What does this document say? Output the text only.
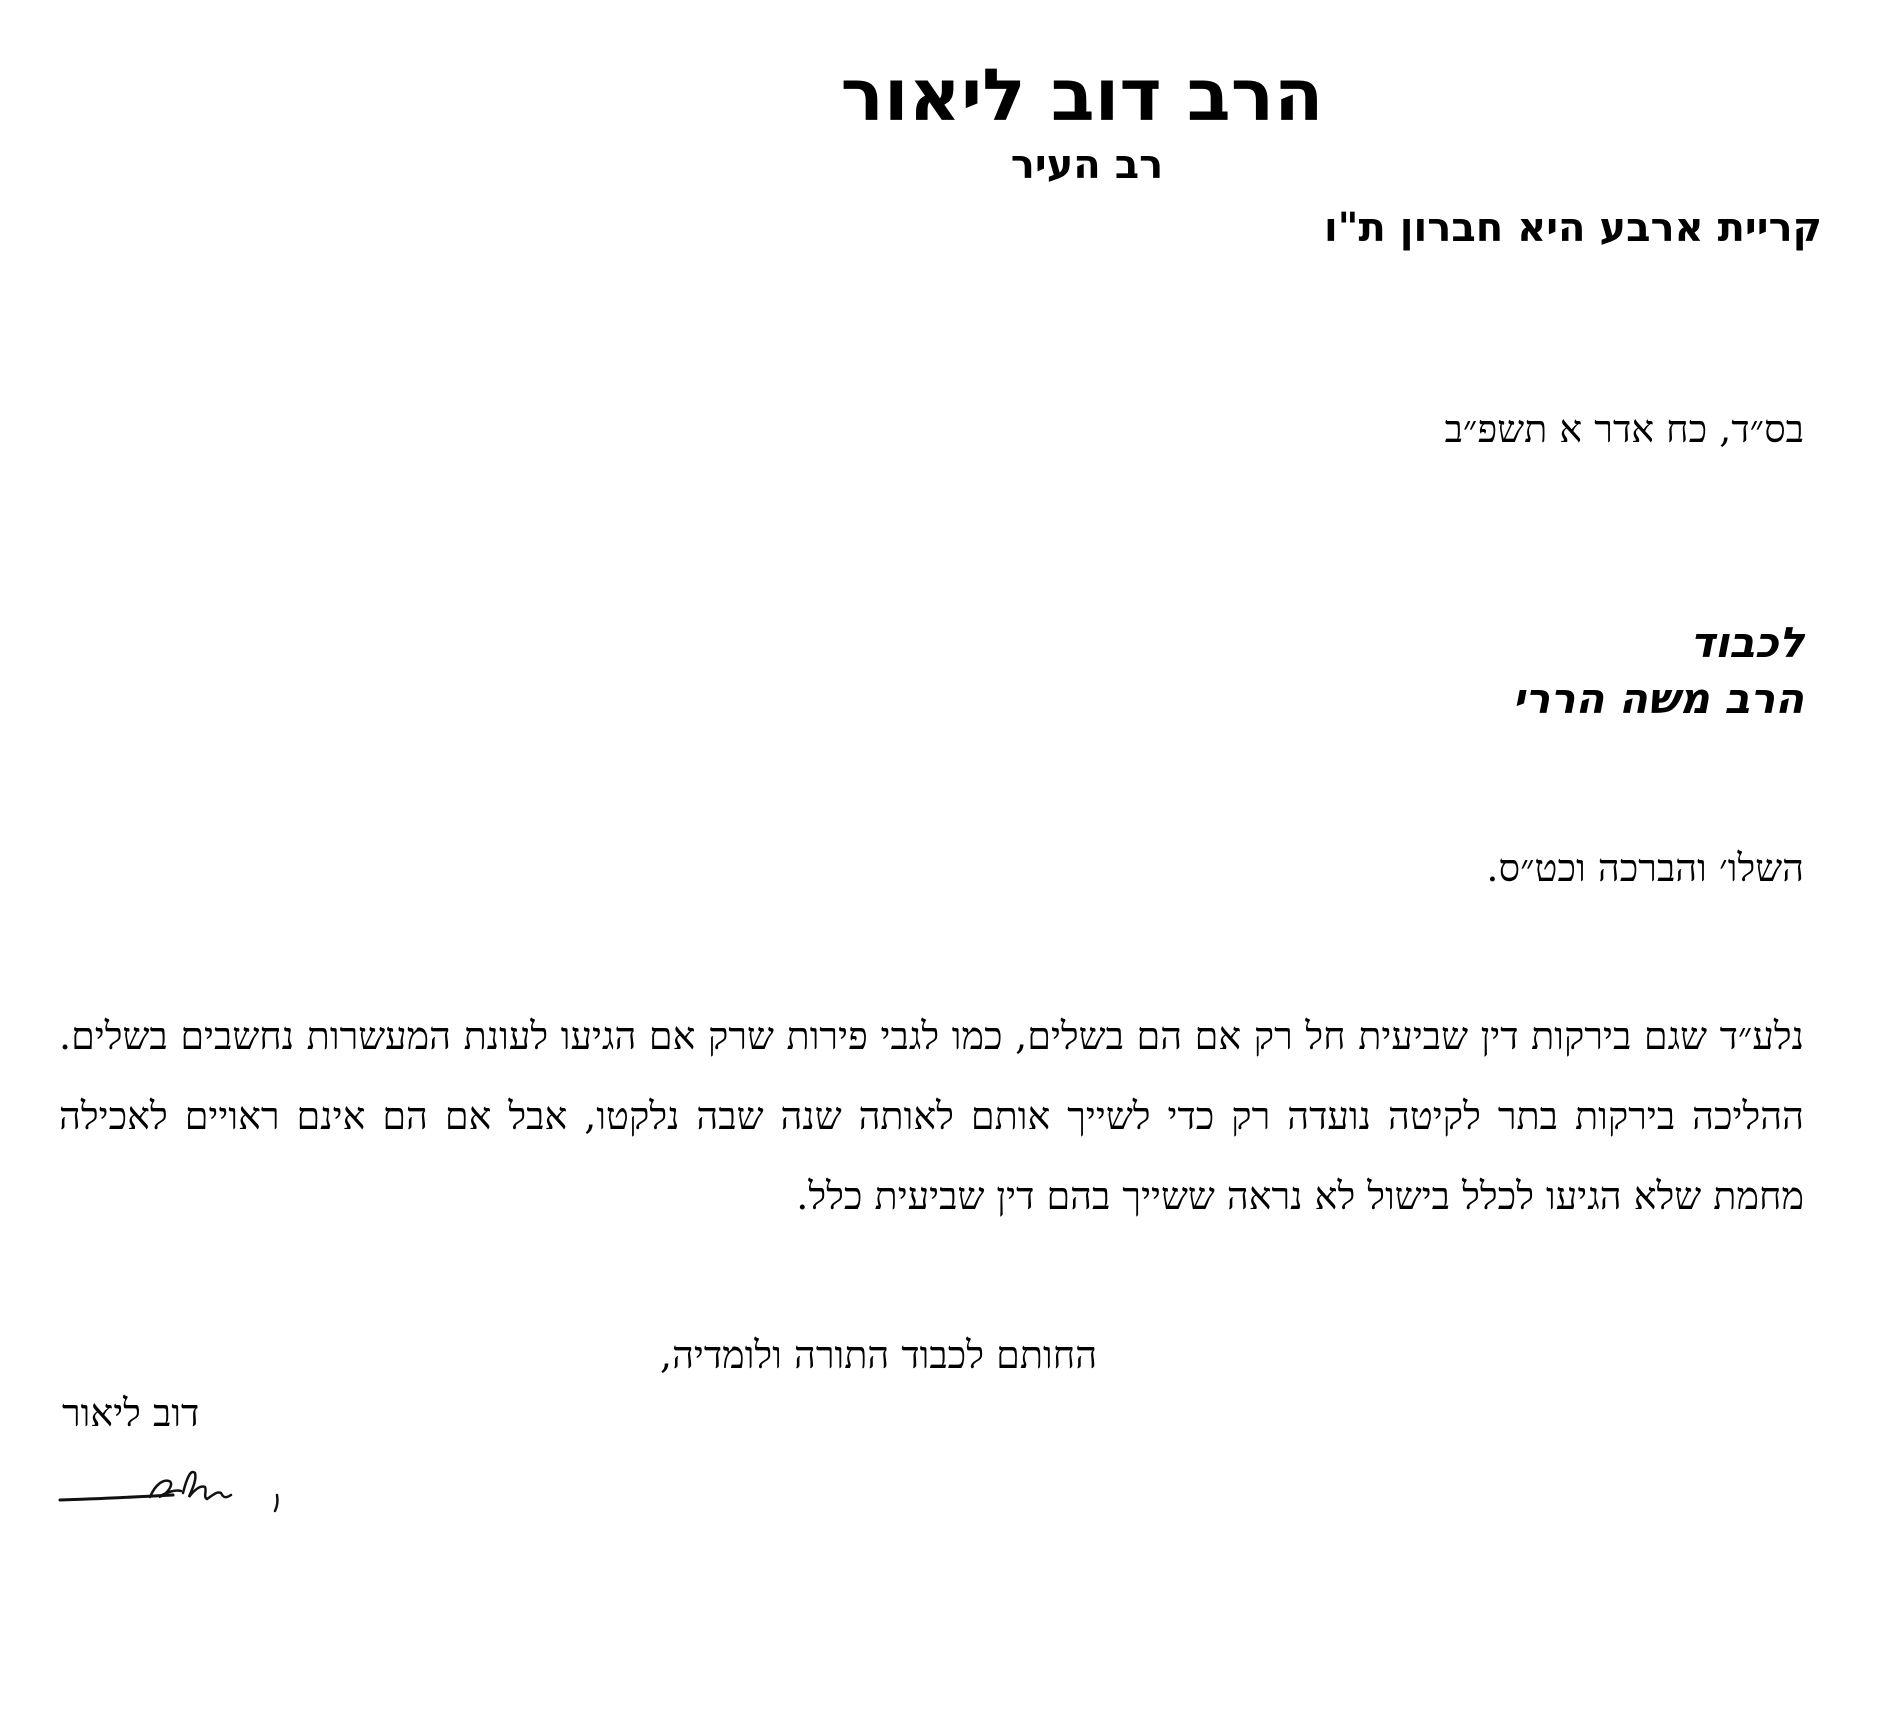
הרב דוב ליאור
רב העיר
קריית ארבע היא חברון ת"ו
בס״ד, כח אדר א תשפ״ב
לכבוד
הרב משה הררי
השלו׳ והברכה וכט״ס.
נלע״ד שגם בירקות דין שביעית חל רק אם הם בשלים, כמו לגבי פירות שרק אם הגיעו לעונת המעשרות נחשבים בשלים. ההליכה בירקות בתר לקיטה נועדה רק כדי לשייך אותם לאותה שנה שבה נלקטו, אבל אם הם אינם ראויים לאכילה מחמת שלא הגיעו לכלל בישול לא נראה ששייך בהם דין שביעית כלל.
החותם לכבוד התורה ולומדיה,
דוב ליאור
